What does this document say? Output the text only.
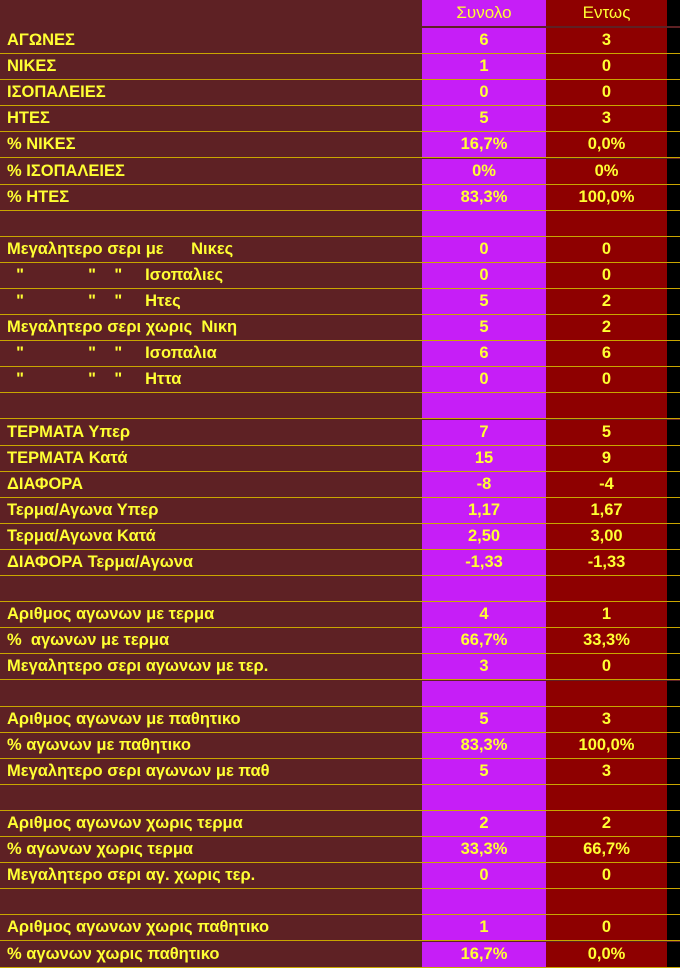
Συνολο	Εντως
ΑΓΩΝΕΣ	6	3
ΝΙΚΕΣ	1	0
ΙΣΟΠΑΛΕΙΕΣ	0	0
ΗΤΕΣ	5	3
% ΝΙΚΕΣ	16,7%	0,0%
% ΙΣΟΠΑΛΕΙΕΣ	0%	0%
% ΗΤΕΣ	83,3%	100,0%
Μεγαλητερο σερι με      Νικες	0	0
"              "    "     Ισοπαλιες	0	0
"              "    "     Ητες	5	2
Μεγαλητερο σερι χωρις  Νικη	5	2
"              "    "     Ισοπαλια	6	6
"              "    "     Ηττα	0	0
ΤΕΡΜΑΤΑ Υπερ	7	5
ΤΕΡΜΑΤΑ Κατά	15	9
ΔΙΑΦΟΡΑ	-8	-4
Τερμα/Αγωνα Υπερ	1,17	1,67
Τερμα/Αγωνα Κατά	2,50	3,00
ΔΙΑΦΟΡΑ Τερμα/Αγωνα	-1,33	-1,33
Αριθμος αγωνων με τερμα	4	1
%  αγωνων με τερμα	66,7%	33,3%
Μεγαλητερο σερι αγωνων με τερ.	3	0
Αριθμος αγωνων με παθητικο	5	3
% αγωνων με παθητικο	83,3%	100,0%
Μεγαλητερο σερι αγωνων με παθ	5	3
Αριθμος αγωνων χωρις τερμα	2	2
% αγωνων χωρις τερμα	33,3%	66,7%
Μεγαλητερο σερι αγ. χωρις τερ.	0	0
Αριθμος αγωνων χωρις παθητικο	1	0
% αγωνων χωρις παθητικο	16,7%	0,0%
